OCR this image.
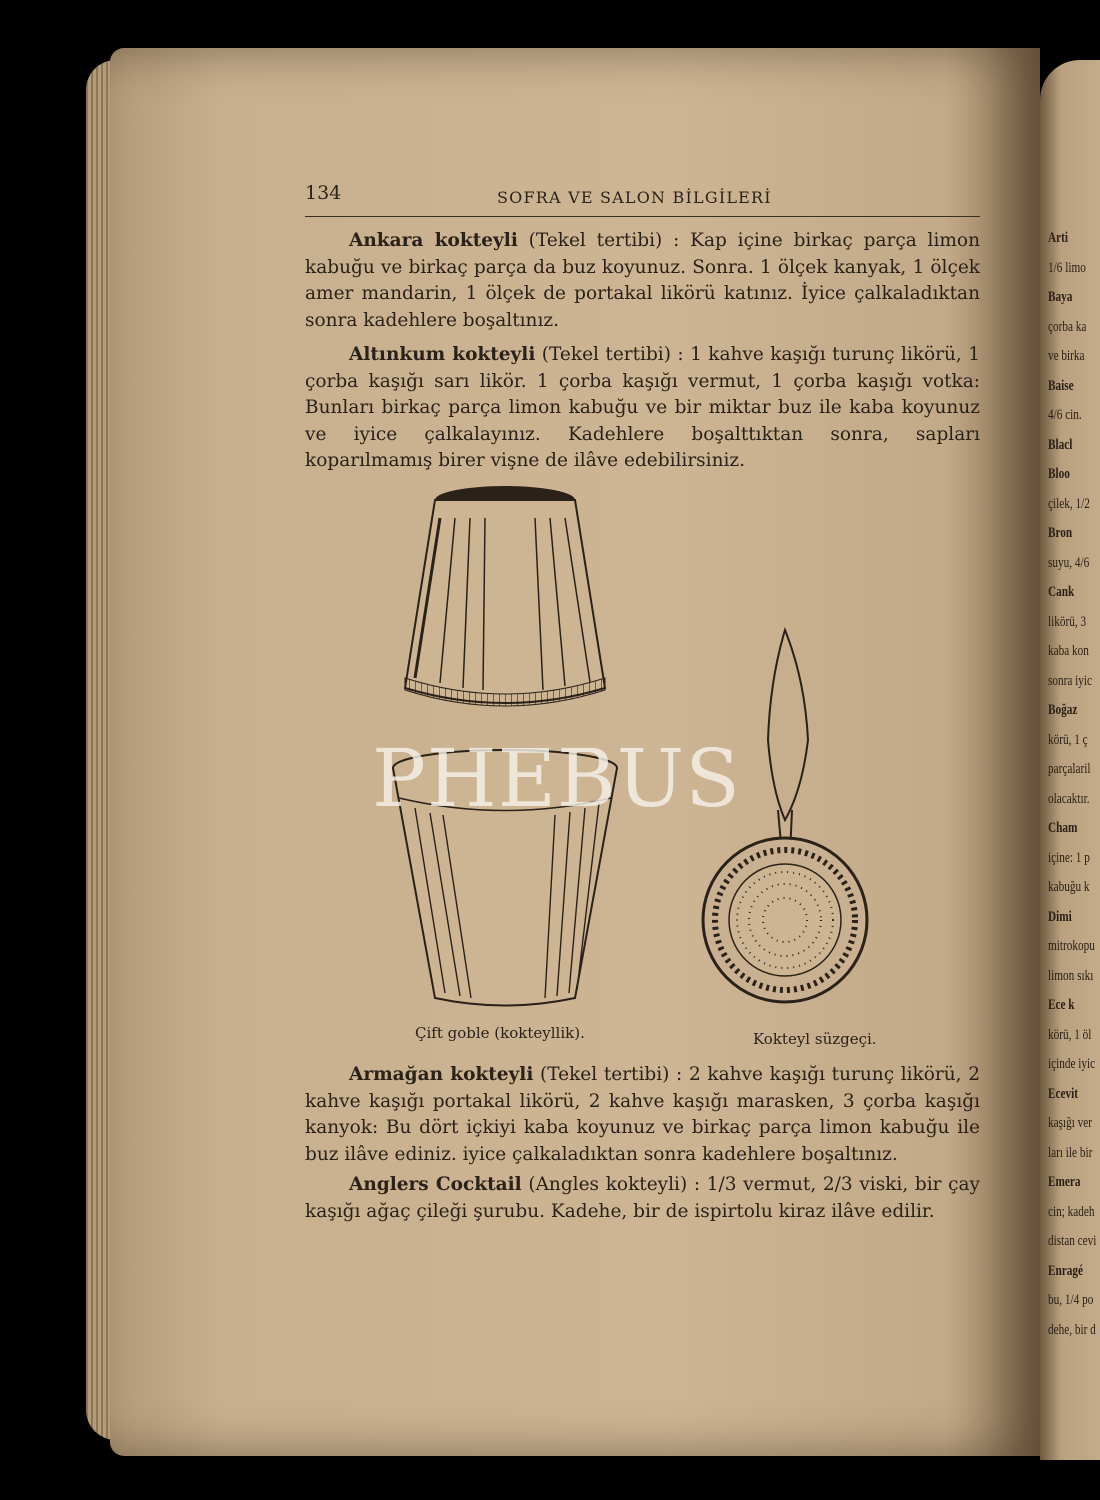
Arti
1/6 limo
Baya
çorba ka
ve birka
Baise
4/6 cin.
Blacl
Bloo
çilek, 1/2
Bron
suyu, 4/6
Cank
likörü, 3
kaba kon
sonra iyic
Boğaz
körü, 1 ç
parçalaril
olacaktır.
Cham
içine: 1 p
kabuğu k
Dimi
mitrokopu
limon sıkı
Ece k
körü, 1 öl
içinde iyic
Ecevit
kaşığı ver
ları ile bir
Emera
cin; kadeh
distan cevi
Enragé
bu, 1/4 po
dehe, bir d
134	SOFRA VE SALON BİLGİLERİ

Ankara kokteyli (Tekel tertibi) : Kap içine birkaç parça limon kabuğu ve birkaç parça da buz koyunuz. Sonra. 1 ölçek kanyak, 1 ölçek amer mandarin, 1 ölçek de portakal likörü katınız. İyice çalkaladıktan sonra kadehlere boşaltınız.

Altınkum kokteyli (Tekel tertibi) : 1 kahve kaşığı turunç likörü, 1 çorba kaşığı sarı likör. 1 çorba kaşığı vermut, 1 çorba kaşığı votka: Bunları birkaç parça limon kabuğu ve bir miktar buz ile kaba koyunuz ve iyice çalkalayınız. Kadehlere boşalttıktan sonra, sapları koparılmamış birer vişne de ilâve edebilirsiniz.

Çift goble (kokteyllik).	Kokteyl süzgeçi.

Armağan kokteyli (Tekel tertibi) : 2 kahve kaşığı turunç likörü, 2 kahve kaşığı portakal likörü, 2 kahve kaşığı marasken, 3 çorba kaşığı kanyok: Bu dört içkiyi kaba koyunuz ve birkaç parça limon kabuğu ile buz ilâve ediniz. iyice çalkaladıktan sonra kadehlere boşaltınız.

Anglers Cocktail (Angles kokteyli) : 1/3 vermut, 2/3 viski, bir çay kaşığı ağaç çileği şurubu. Kadehe, bir de ispirtolu kiraz ilâve edilir.

PHEBUS
